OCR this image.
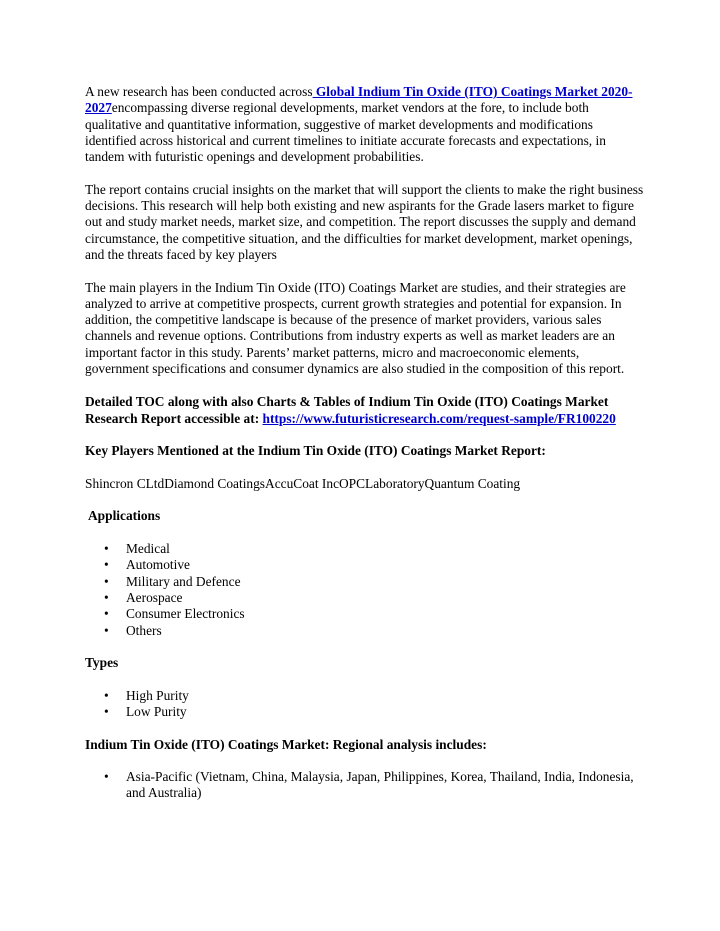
A new research has been conducted across Global Indium Tin Oxide (ITO) Coatings Market 2020-2027encompassing diverse regional developments, market vendors at the fore, to include both qualitative and quantitative information, suggestive of market developments and modifications identified across historical and current timelines to initiate accurate forecasts and expectations, in tandem with futuristic openings and development probabilities.

The report contains crucial insights on the market that will support the clients to make the right business decisions. This research will help both existing and new aspirants for the Grade lasers market to figure out and study market needs, market size, and competition. The report discusses the supply and demand circumstance, the competitive situation, and the difficulties for market development, market openings, and the threats faced by key players

The main players in the Indium Tin Oxide (ITO) Coatings Market are studies, and their strategies are analyzed to arrive at competitive prospects, current growth strategies and potential for expansion. In addition, the competitive landscape is because of the presence of market providers, various sales channels and revenue options. Contributions from industry experts as well as market leaders are an important factor in this study. Parents’ market patterns, micro and macroeconomic elements, government specifications and consumer dynamics are also studied in the composition of this report.

Detailed TOC along with also Charts & Tables of Indium Tin Oxide (ITO) Coatings Market Research Report accessible at: https://www.futuristicresearch.com/request-sample/FR100220

Key Players Mentioned at the Indium Tin Oxide (ITO) Coatings Market Report:

Shincron CLtdDiamond CoatingsAccuCoat IncOPCLaboratoryQuantum Coating

Applications

• Medical
• Automotive
• Military and Defence
• Aerospace
• Consumer Electronics
• Others

Types

• High Purity
• Low Purity

Indium Tin Oxide (ITO) Coatings Market: Regional analysis includes:

• Asia-Pacific (Vietnam, China, Malaysia, Japan, Philippines, Korea, Thailand, India, Indonesia, and Australia)
